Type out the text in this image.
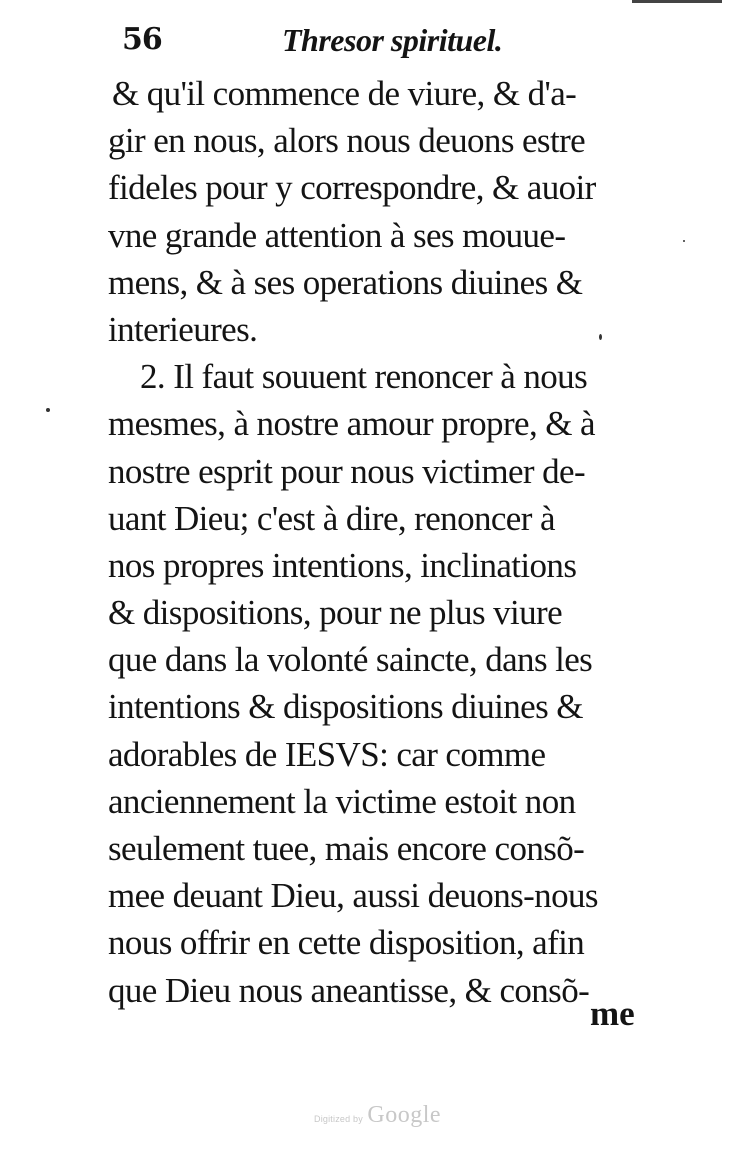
56	Thresor spirituel.
& qu'il commence de viure, & d'a-
gir en nous, alors nous deuons estre
fideles pour y correspondre, & auoir
vne grande attention à ses mouue-
mens, & à ses operations diuines &
interieures.
2. Il faut souuent renoncer à nous
mesmes, à nostre amour propre, & à
nostre esprit pour nous victimer de-
uant Dieu; c'est à dire, renoncer à
nos propres intentions, inclinations
& dispositions, pour ne plus viure
que dans la volonté saincte, dans les
intentions & dispositions diuines &
adorables de IESVS: car comme
anciennement la victime estoit non
seulement tuee, mais encore consõ-
mee deuant Dieu, aussi deuons-nous
nous offrir en cette disposition, afin
que Dieu nous aneantisse, & consõ-
me
Digitized by Google
